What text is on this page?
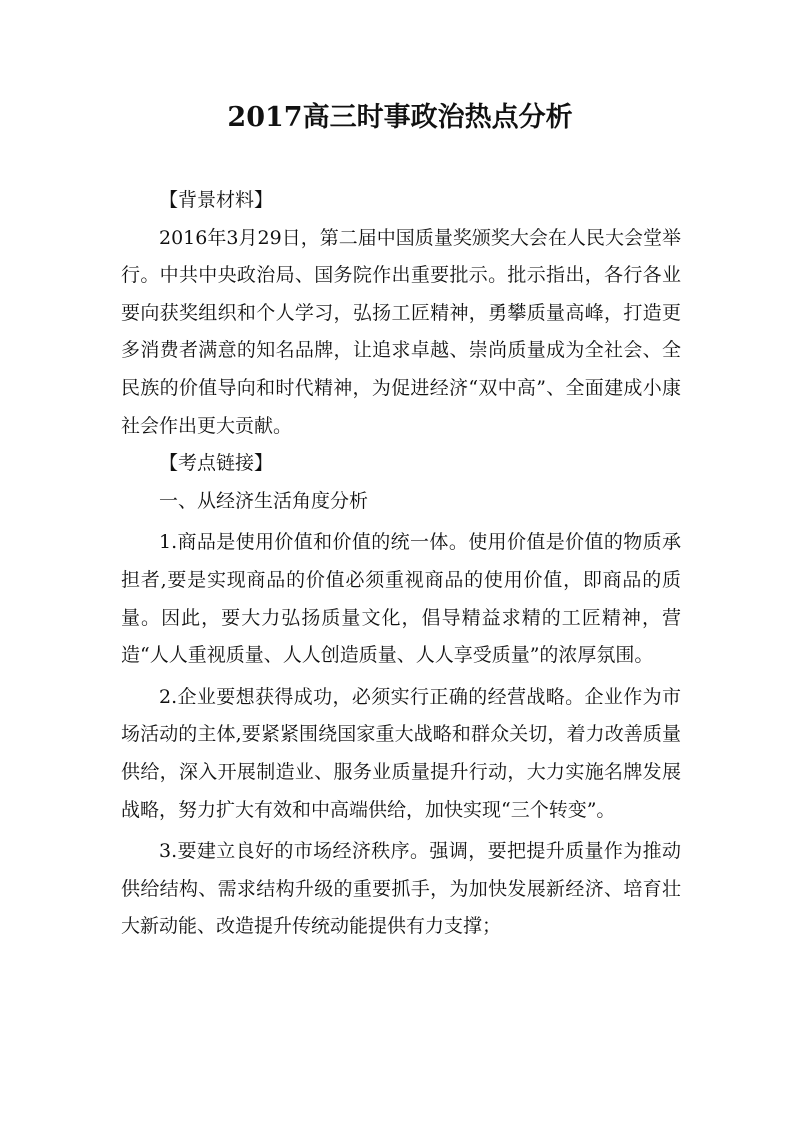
2017高三时事政治热点分析

【背景材料】

2016年3月29日，第二届中国质量奖颁奖大会在人民大会堂举行。中共中央政治局、国务院作出重要批示。批示指出，各行各业要向获奖组织和个人学习，弘扬工匠精神，勇攀质量高峰，打造更多消费者满意的知名品牌，让追求卓越、崇尚质量成为全社会、全民族的价值导向和时代精神，为促进经济“双中高”、全面建成小康社会作出更大贡献。

【考点链接】

一、从经济生活角度分析

1.商品是使用价值和价值的统一体。使用价值是价值的物质承担者,要是实现商品的价值必须重视商品的使用价值，即商品的质量。因此，要大力弘扬质量文化，倡导精益求精的工匠精神，营造“人人重视质量、人人创造质量、人人享受质量”的浓厚氛围。

2.企业要想获得成功，必须实行正确的经营战略。企业作为市场活动的主体,要紧紧围绕国家重大战略和群众关切，着力改善质量供给，深入开展制造业、服务业质量提升行动，大力实施名牌发展战略，努力扩大有效和中高端供给，加快实现“三个转变”。

3.要建立良好的市场经济秩序。强调，要把提升质量作为推动供给结构、需求结构升级的重要抓手，为加快发展新经济、培育壮大新动能、改造提升传统动能提供有力支撑；
